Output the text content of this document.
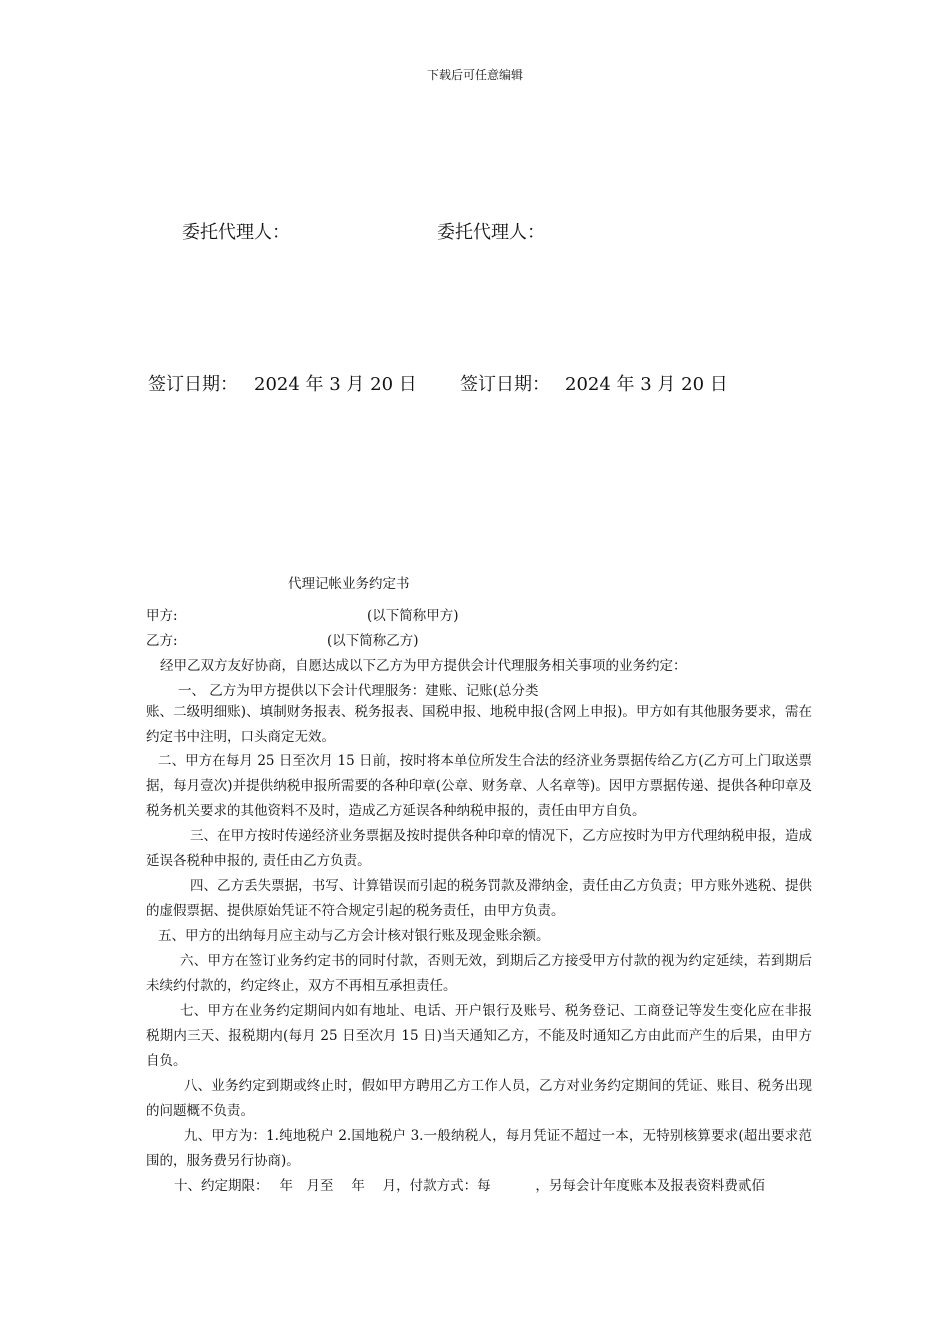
下载后可任意编辑
委托代理人：	委托代理人：
签订日期： 2024 年 3 月 20 日 签订日期： 2024 年 3 月 20 日
代理记帐业务约定书
甲方:	(以下简称甲方)
乙方:	(以下简称乙方)
经甲乙双方友好协商，自愿达成以下乙方为甲方提供会计代理服务相关事项的业务约定：
一、 乙方为甲方提供以下会计代理服务：建账、记账(总分类
账、二级明细账)、填制财务报表、税务报表、国税申报、地税申报(含网上申报)。甲方如有其他服务要求，需在约定书中注明，口头商定无效。
二、甲方在每月 25 日至次月 15 日前，按时将本单位所发生合法的经济业务票据传给乙方(乙方可上门取送票据，每月壹次)并提供纳税申报所需要的各种印章(公章、财务章、人名章等)。因甲方票据传递、提供各种印章及税务机关要求的其他资料不及时，造成乙方延误各种纳税申报的，责任由甲方自负。
三、在甲方按时传递经济业务票据及按时提供各种印章的情况下，乙方应按时为甲方代理纳税申报，造成延误各税种申报的, 责任由乙方负责。
四、乙方丢失票据，书写、计算错误而引起的税务罚款及滞纳金，责任由乙方负责；甲方账外逃税、提供的虚假票据、提供原始凭证不符合规定引起的税务责任，由甲方负责。
五、甲方的出纳每月应主动与乙方会计核对银行账及现金账余额。
六、甲方在签订业务约定书的同时付款，否则无效，到期后乙方接受甲方付款的视为约定延续，若到期后未续约付款的，约定终止，双方不再相互承担责任。
七、甲方在业务约定期间内如有地址、电话、开户银行及账号、税务登记、工商登记等发生变化应在非报税期内三天、报税期内(每月 25 日至次月 15 日)当天通知乙方，不能及时通知乙方由此而产生的后果，由甲方自负。
八、业务约定到期或终止时，假如甲方聘用乙方工作人员，乙方对业务约定期间的凭证、账目、税务出现的问题概不负责。
九、甲方为：1.纯地税户 2.国地税户 3.一般纳税人，每月凭证不超过一本，无特别核算要求(超出要求范围的，服务费另行协商)。
十、约定期限：　 年　月至　 年　 月，付款方式：每　　　 ，另每会计年度账本及报表资料费贰佰
